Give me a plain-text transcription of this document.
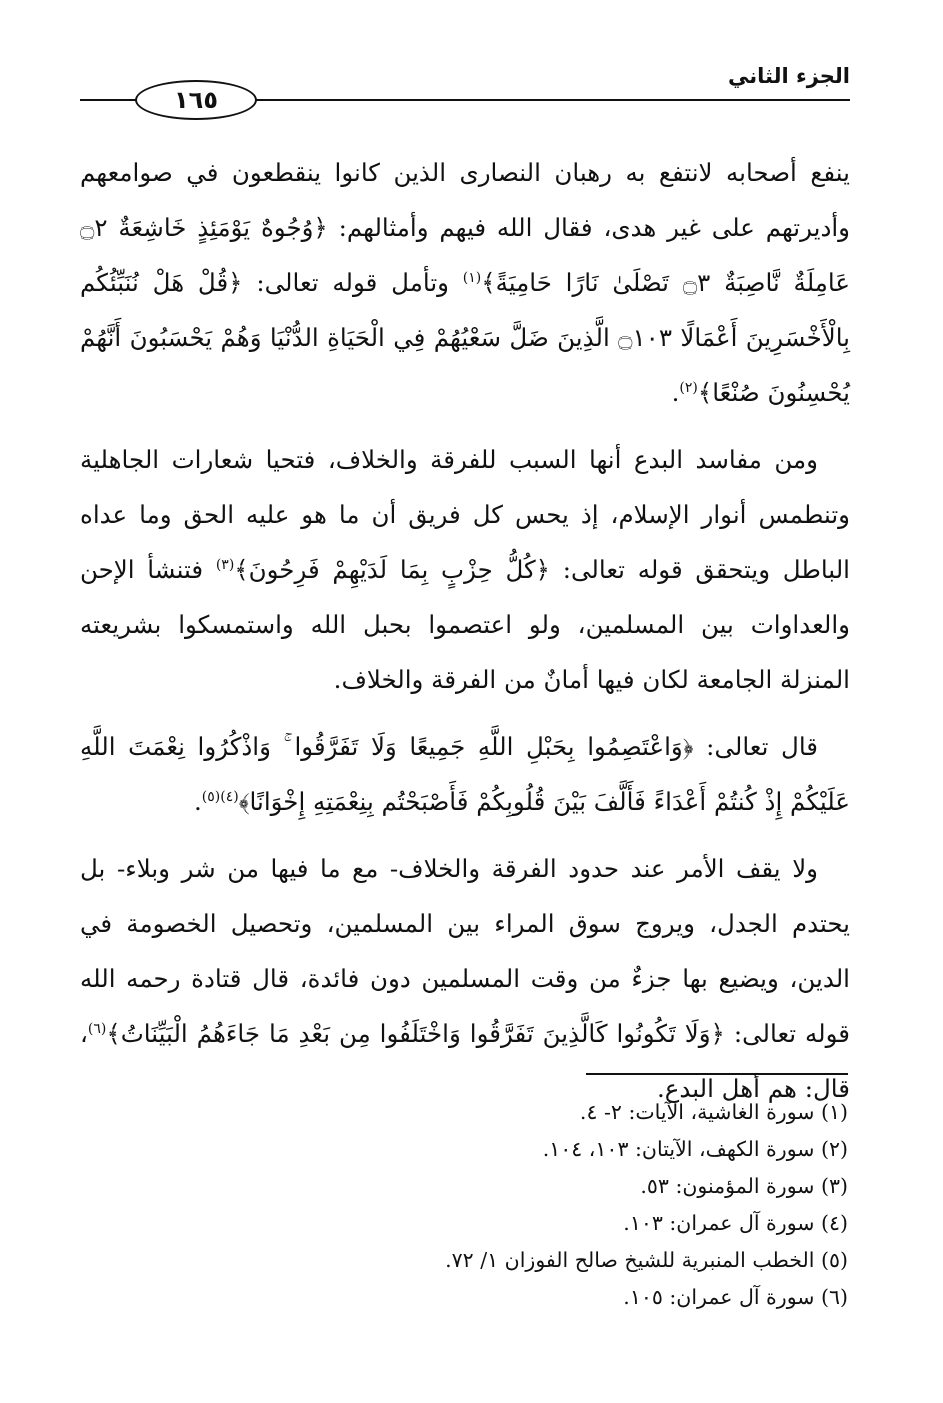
الجزء الثاني
١٦٥

ينفع أصحابه لانتفع به رهبان النصارى الذين كانوا ينقطعون في صوامعهم وأديرتهم على غير هدى، فقال الله فيهم وأمثالهم: ﴿وُجُوهٌ يَوْمَئِذٍ خَاشِعَةٌ ۝٢ عَامِلَةٌ نَّاصِبَةٌ ۝٣ تَصْلَىٰ نَارًا حَامِيَةً﴾$^{(١)}$ وتأمل قوله تعالى: ﴿قُلْ هَلْ نُنَبِّئُكُم بِالْأَخْسَرِينَ أَعْمَالًا ۝١٠٣ الَّذِينَ ضَلَّ سَعْيُهُمْ فِي الْحَيَاةِ الدُّنْيَا وَهُمْ يَحْسَبُونَ أَنَّهُمْ يُحْسِنُونَ صُنْعًا﴾$^{(٢)}$.

ومن مفاسد البدع أنها السبب للفرقة والخلاف، فتحيا شعارات الجاهلية وتنطمس أنوار الإسلام، إذ يحس كل فريق أن ما هو عليه الحق وما عداه الباطل ويتحقق قوله تعالى: ﴿كُلُّ حِزْبٍ بِمَا لَدَيْهِمْ فَرِحُونَ﴾$^{(٣)}$ فتنشأ الإحن والعداوات بين المسلمين، ولو اعتصموا بحبل الله واستمسكوا بشريعته المنزلة الجامعة لكان فيها أمانٌ من الفرقة والخلاف.

قال تعالى: ﴿وَاعْتَصِمُوا بِحَبْلِ اللَّهِ جَمِيعًا وَلَا تَفَرَّقُوا ۚ وَاذْكُرُوا نِعْمَتَ اللَّهِ عَلَيْكُمْ إِذْ كُنتُمْ أَعْدَاءً فَأَلَّفَ بَيْنَ قُلُوبِكُمْ فَأَصْبَحْتُم بِنِعْمَتِهِ إِخْوَانًا﴾$^{(٤)(٥)}$.

ولا يقف الأمر عند حدود الفرقة والخلاف- مع ما فيها من شر وبلاء- بل يحتدم الجدل، ويروج سوق المراء بين المسلمين، وتحصيل الخصومة في الدين، ويضيع بها جزءٌ من وقت المسلمين دون فائدة، قال قتادة رحمه الله قوله تعالى: ﴿وَلَا تَكُونُوا كَالَّذِينَ تَفَرَّقُوا وَاخْتَلَفُوا مِن بَعْدِ مَا جَاءَهُمُ الْبَيِّنَاتُ﴾$^{(٦)}$، قال: هم أهل البدع.

(١) سورة الغاشية، الآيات: ٢- ٤.
(٢) سورة الكهف، الآيتان: ١٠٣، ١٠٤.
(٣) سورة المؤمنون: ٥٣.
(٤) سورة آل عمران: ١٠٣.
(٥) الخطب المنبرية للشيخ صالح الفوزان ١/ ٧٢.
(٦) سورة آل عمران: ١٠٥.
